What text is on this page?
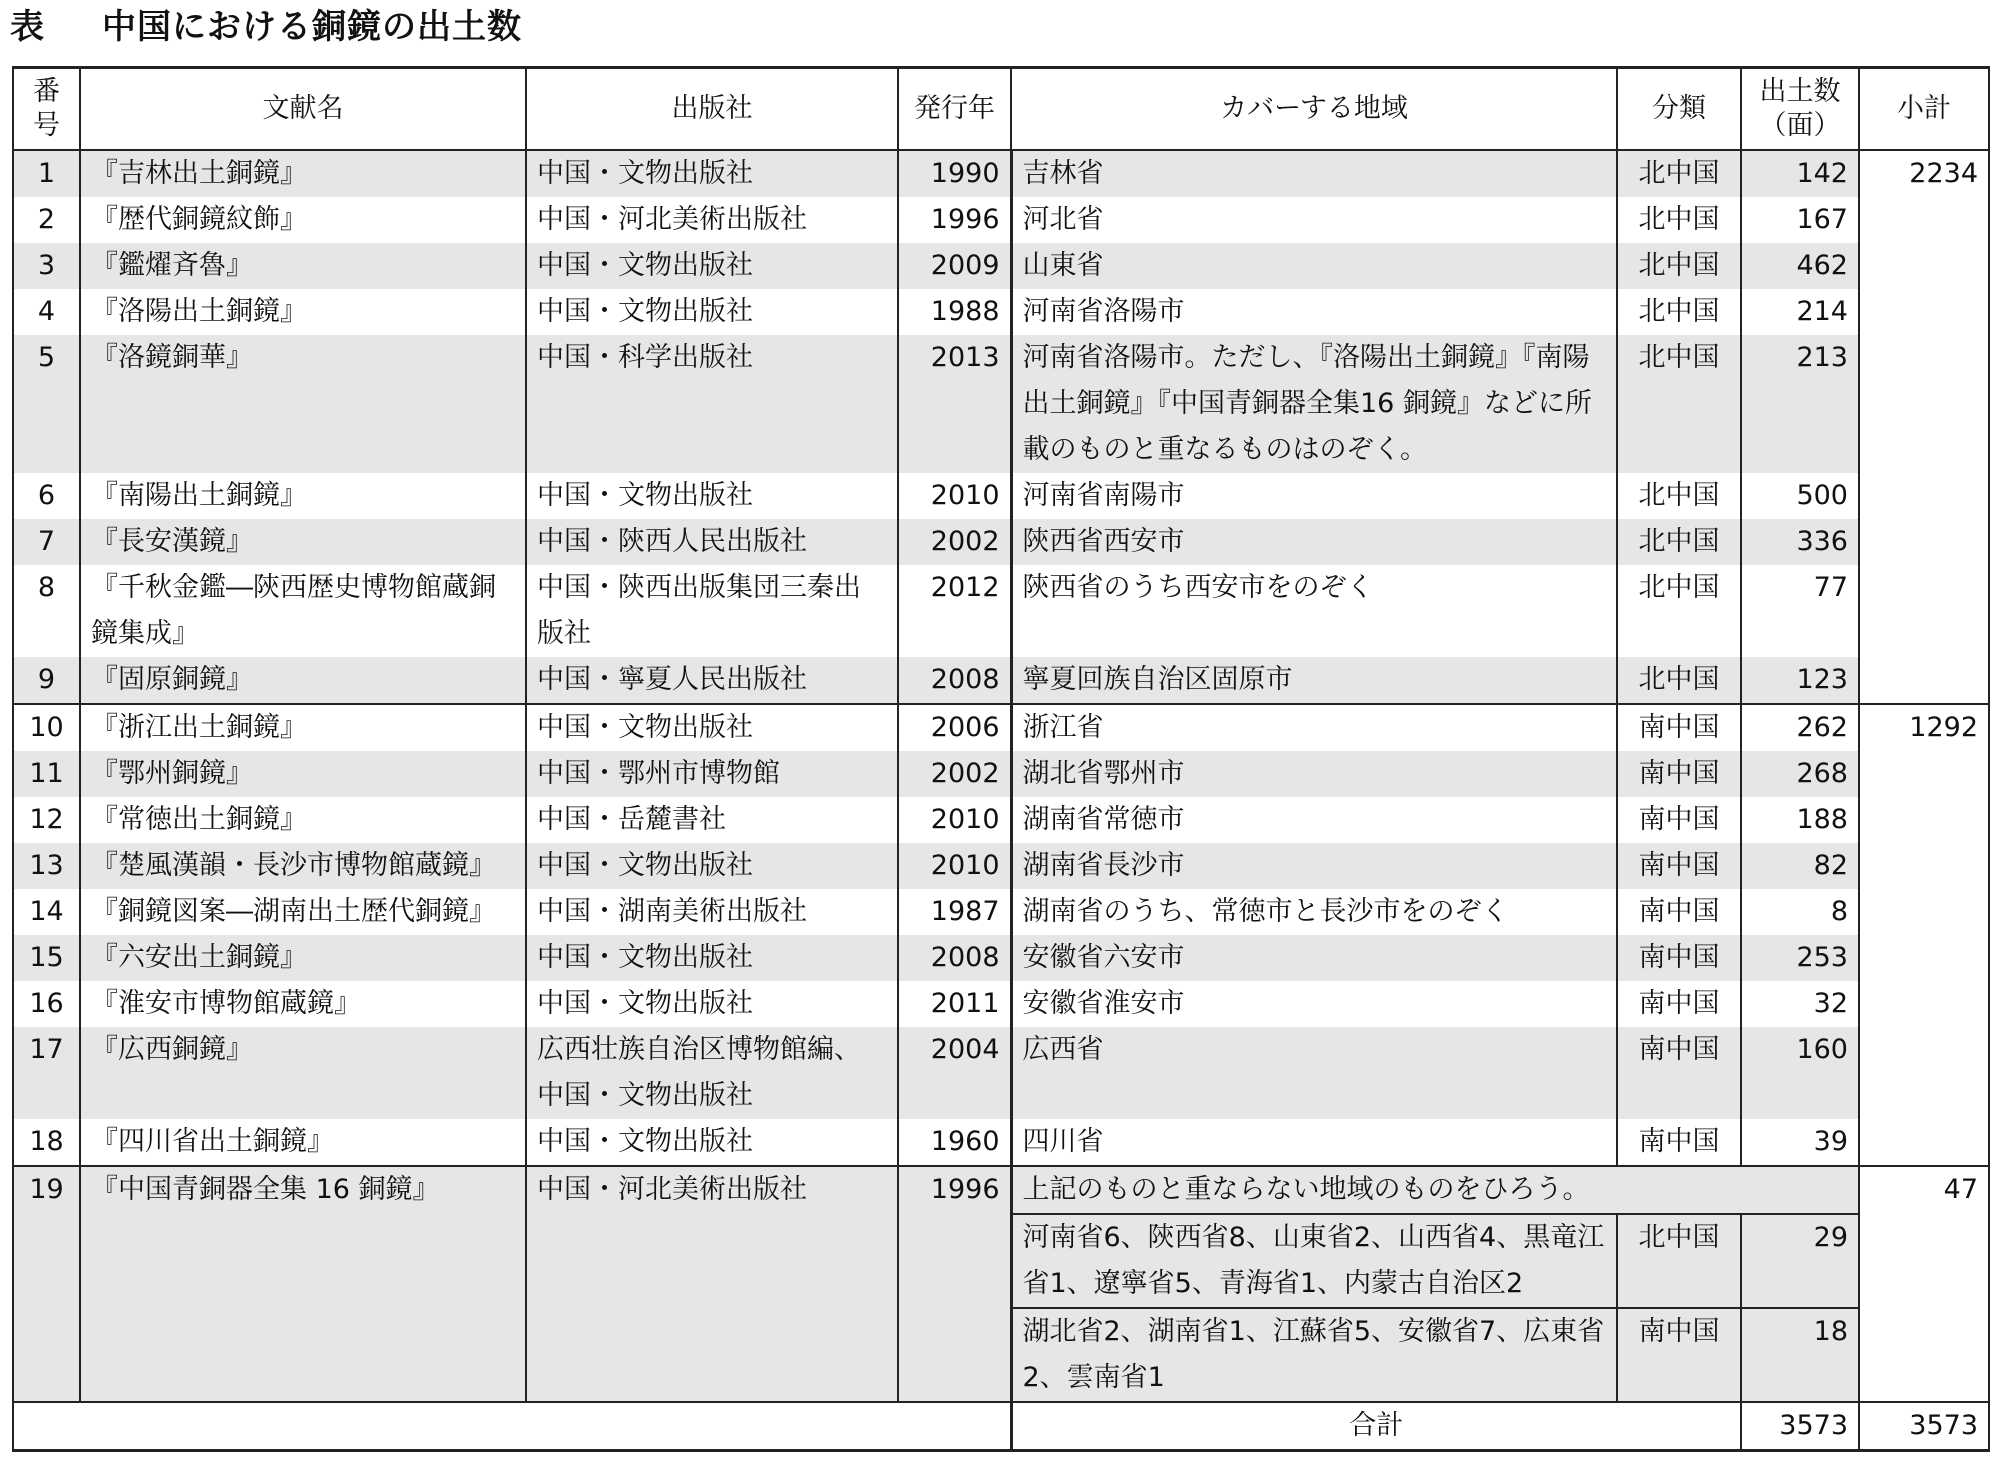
表 中国における銅鏡の出土数
番号	文献名	出版社	発行年	カバーする地域	分類	出土数（面）	小計
1	『吉林出土銅鏡』	中国・文物出版社	1990	吉林省	北中国	142	2234
2	『歴代銅鏡紋飾』	中国・河北美術出版社	1996	河北省	北中国	167	
3	『鑑燿斉魯』	中国・文物出版社	2009	山東省	北中国	462	
4	『洛陽出土銅鏡』	中国・文物出版社	1988	河南省洛陽市	北中国	214	
5	『洛鏡銅華』	中国・科学出版社	2013	河南省洛陽市。ただし、『洛陽出土銅鏡』『南陽出土銅鏡』『中国青銅器全集16 銅鏡』などに所載のものと重なるものはのぞく。	北中国	213	
6	『南陽出土銅鏡』	中国・文物出版社	2010	河南省南陽市	北中国	500	
7	『長安漢鏡』	中国・陝西人民出版社	2002	陝西省西安市	北中国	336	
8	『千秋金鑑―陝西歴史博物館蔵銅鏡集成』	中国・陝西出版集団三秦出版社	2012	陝西省のうち西安市をのぞく	北中国	77	
9	『固原銅鏡』	中国・寧夏人民出版社	2008	寧夏回族自治区固原市	北中国	123	
10	『浙江出土銅鏡』	中国・文物出版社	2006	浙江省	南中国	262	1292
11	『鄂州銅鏡』	中国・鄂州市博物館	2002	湖北省鄂州市	南中国	268	
12	『常徳出土銅鏡』	中国・岳麓書社	2010	湖南省常徳市	南中国	188	
13	『楚風漢韻・長沙市博物館蔵鏡』	中国・文物出版社	2010	湖南省長沙市	南中国	82	
14	『銅鏡図案―湖南出土歴代銅鏡』	中国・湖南美術出版社	1987	湖南省のうち、常徳市と長沙市をのぞく	南中国	8	
15	『六安出土銅鏡』	中国・文物出版社	2008	安徽省六安市	南中国	253	
16	『淮安市博物館蔵鏡』	中国・文物出版社	2011	安徽省淮安市	南中国	32	
17	『広西銅鏡』	広西壮族自治区博物館編、中国・文物出版社	2004	広西省	南中国	160	
18	『四川省出土銅鏡』	中国・文物出版社	1960	四川省	南中国	39	
19	『中国青銅器全集 16 銅鏡』	中国・河北美術出版社	1996	上記のものと重ならない地域のものをひろう。			47
				河南省6、陝西省8、山東省2、山西省4、黒竜江省1、遼寧省5、青海省1、内蒙古自治区2	北中国	29	
				湖北省2、湖南省1、江蘇省5、安徽省7、広東省2、雲南省1	南中国	18	
				合計		3573	3573
